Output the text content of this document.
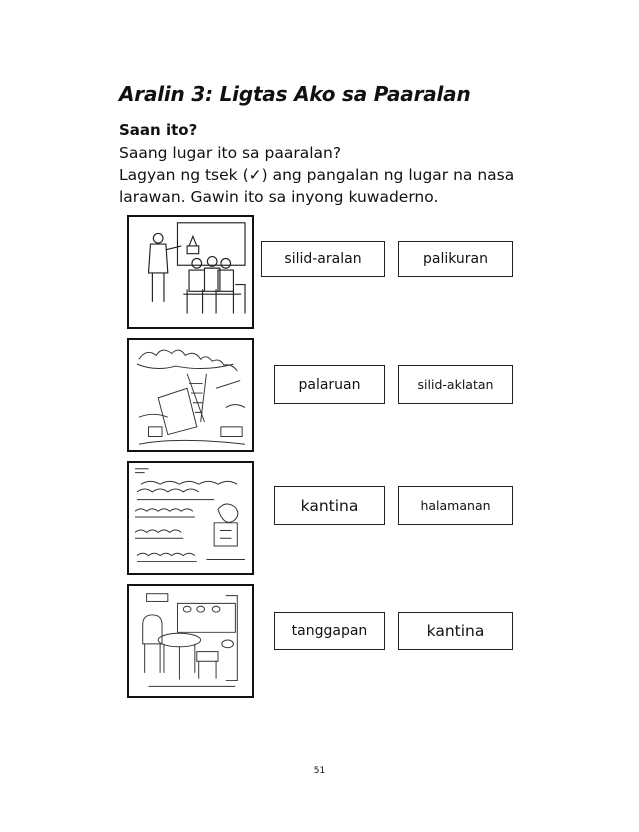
Aralin 3: Ligtas Ako sa Paaralan
Saan ito?
Saang lugar ito sa paaralan?
Lagyan ng tsek (✓) ang pangalan ng lugar na nasa
larawan. Gawin ito sa inyong kuwaderno.
silid-aralan	palikuran
palaruan	silid-aklatan
kantina	halamanan
tanggapan	kantina
51
